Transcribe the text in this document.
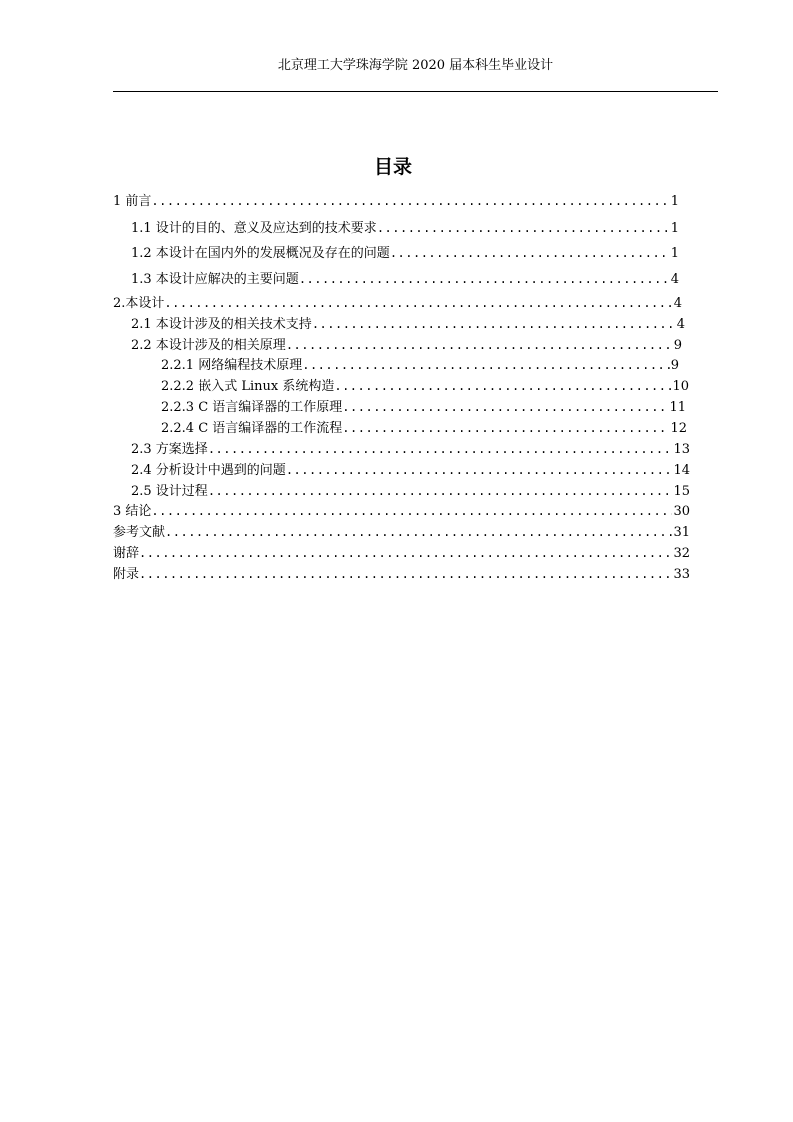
北京理工大学珠海学院 2020 届本科生毕业设计
目录
1 前言 .....	1
1.1 设计的目的、意义及应达到的技术要求 .....	1
1.2 本设计在国内外的发展概况及存在的问题 .....	1
1.3 本设计应解决的主要问题 .....	4
2.本设计 .....	4
2.1 本设计涉及的相关技术支持 .....	4
2.2 本设计涉及的相关原理 .....	9
2.2.1 网络编程技术原理 .....	9
2.2.2 嵌入式 Linux 系统构造 .....	10
2.2.3 C 语言编译器的工作原理 .....	11
2.2.4 C 语言编译器的工作流程 .....	12
2.3 方案选择 .....	13
2.4 分析设计中遇到的问题 .....	14
2.5 设计过程 .....	15
3 结论 .....	30
参考文献 .....	31
谢辞 .....	32
附录 .....	33
